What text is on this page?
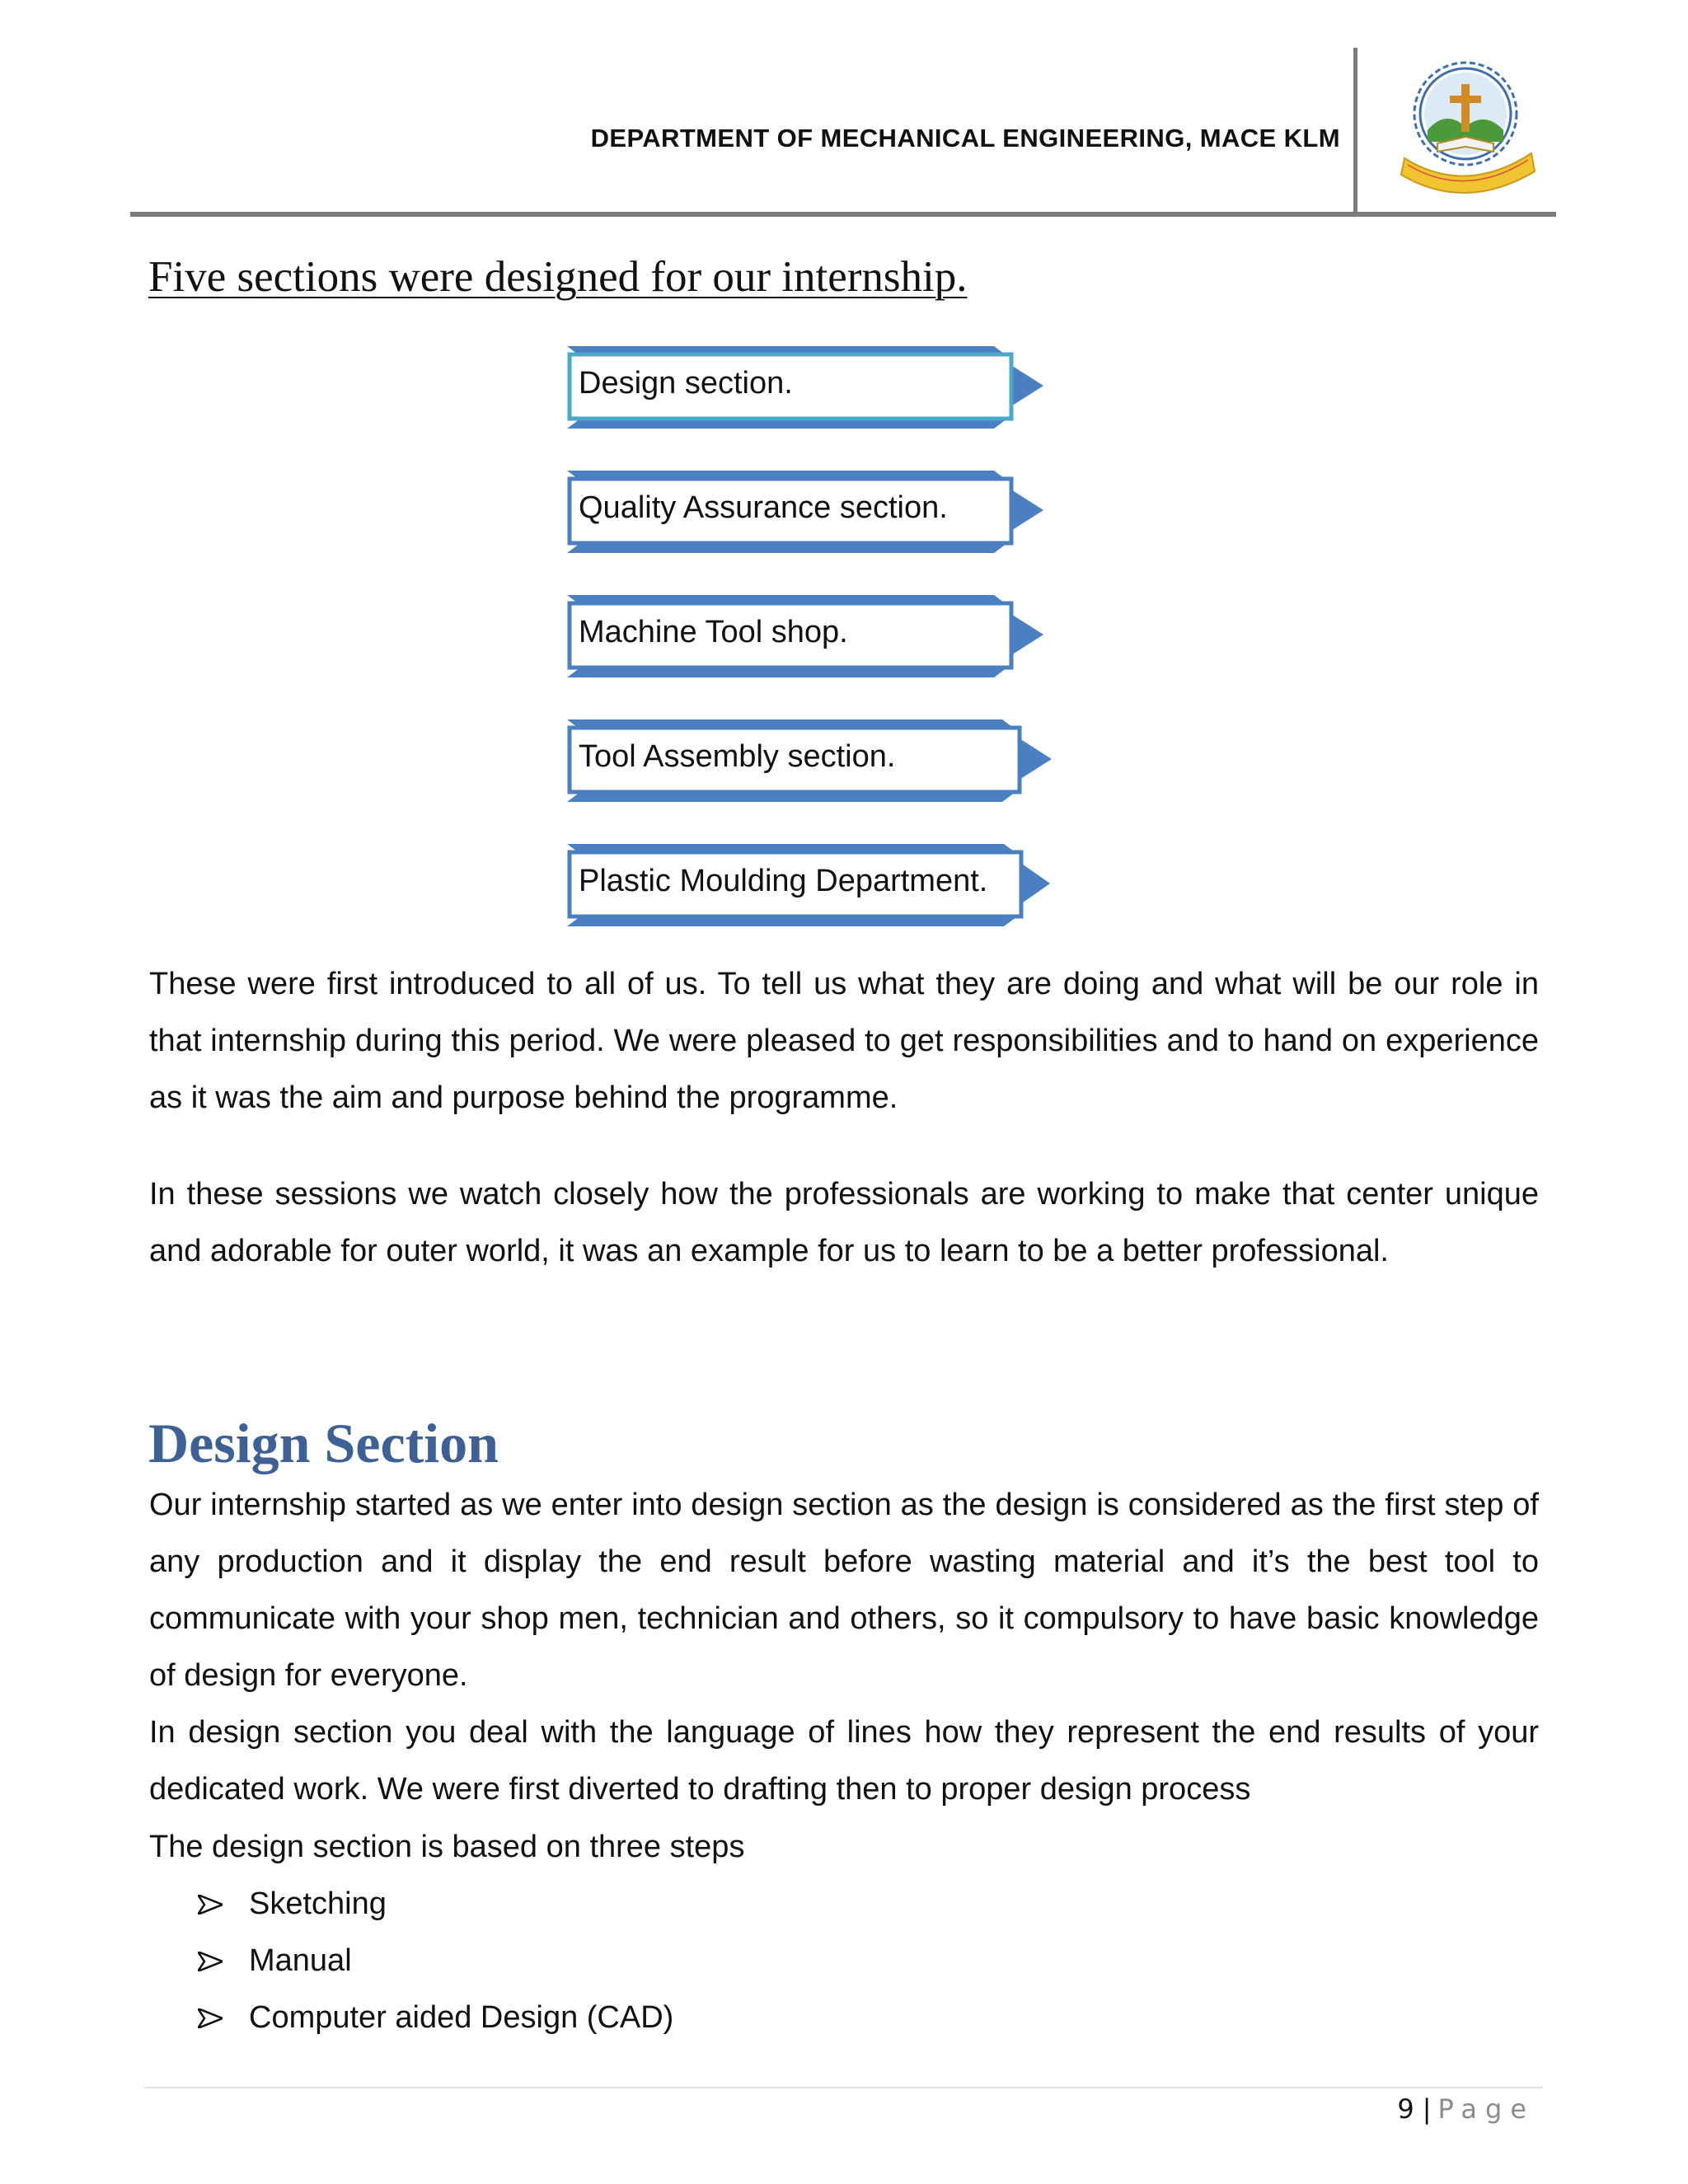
DEPARTMENT OF MECHANICAL ENGINEERING, MACE KLM
Five sections were designed for our internship.
Design section.
Quality Assurance section.
Machine Tool shop.
Tool Assembly section.
Plastic Moulding Department.

These were first introduced to all of us. To tell us what they are doing and what will be our role in that internship during this period. We were pleased to get responsibilities and to hand on experience as it was the aim and purpose behind the programme.

In these sessions we watch closely how the professionals are working to make that center unique and adorable for outer world, it was an example for us to learn to be a better professional.

Design Section

Our internship started as we enter into design section as the design is considered as the first step of any production and it display the end result before wasting material and it’s the best tool to communicate with your shop men, technician and others, so it compulsory to have basic knowledge of design for everyone.

In design section you deal with the language of lines how they represent the end results of your dedicated work. We were first diverted to drafting then to proper design process

The design section is based on three steps

Sketching
Manual
Computer aided Design (CAD)
9 | Page
